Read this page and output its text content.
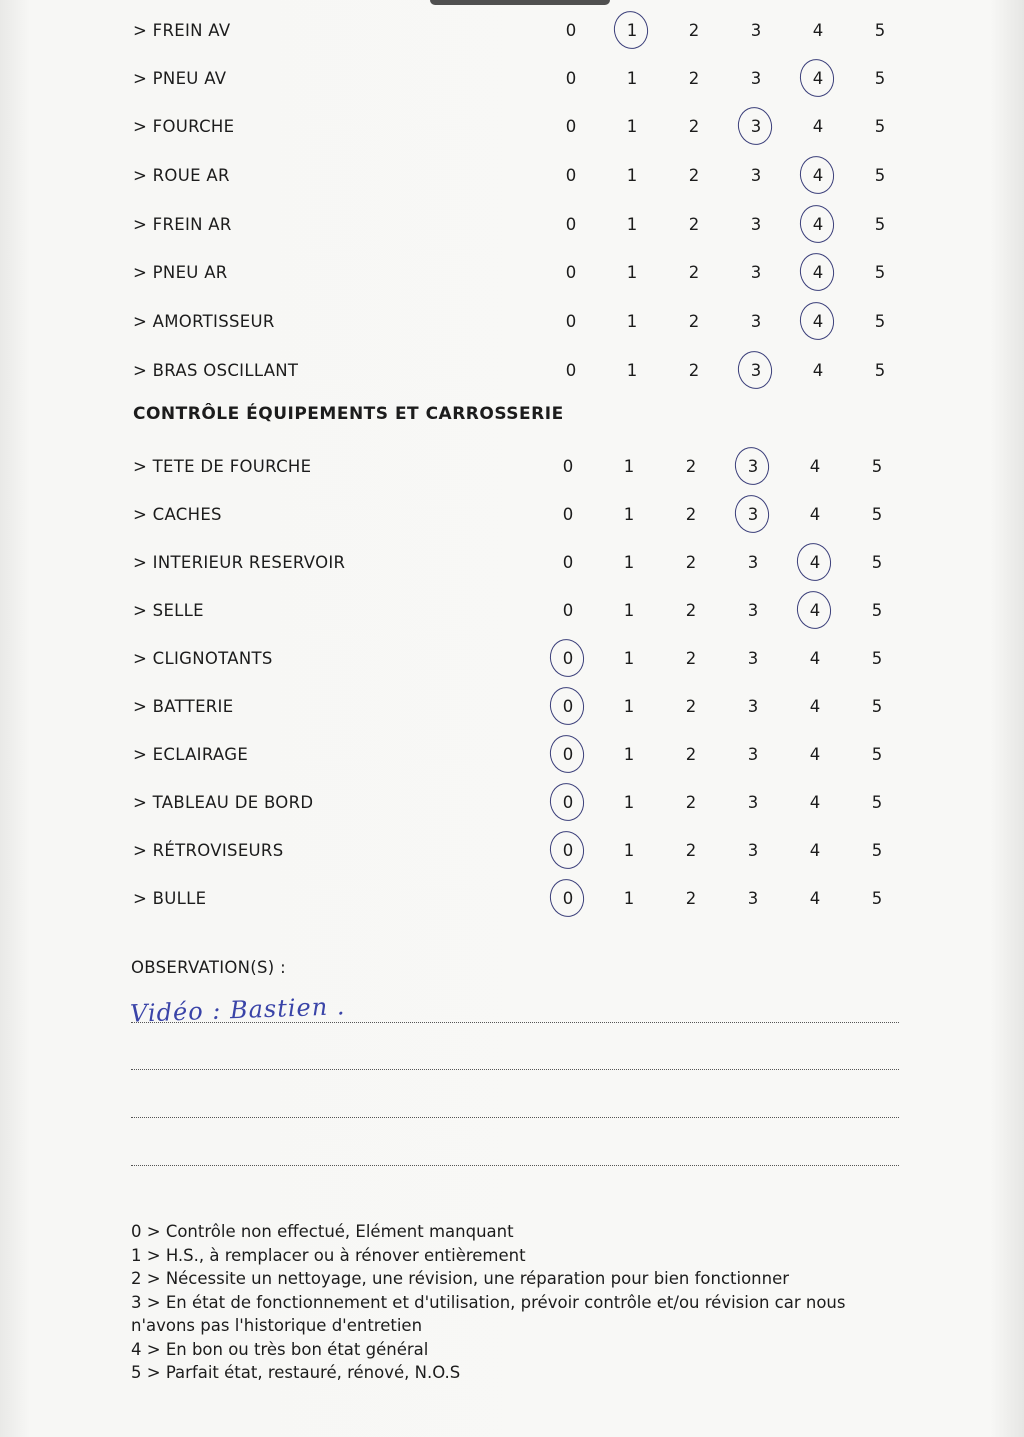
> FREIN AV	0	1	2	3	4	5
> PNEU AV	0	1	2	3	4	5
> FOURCHE	0	1	2	3	4	5
> ROUE AR	0	1	2	3	4	5
> FREIN AR	0	1	2	3	4	5
> PNEU AR	0	1	2	3	4	5
> AMORTISSEUR	0	1	2	3	4	5
> BRAS OSCILLANT	0	1	2	3	4	5
CONTRÔLE ÉQUIPEMENTS ET CARROSSERIE
> TETE DE FOURCHE	0	1	2	3	4	5
> CACHES	0	1	2	3	4	5
> INTERIEUR RESERVOIR	0	1	2	3	4	5
> SELLE	0	1	2	3	4	5
> CLIGNOTANTS	0	1	2	3	4	5
> BATTERIE	0	1	2	3	4	5
> ECLAIRAGE	0	1	2	3	4	5
> TABLEAU DE BORD	0	1	2	3	4	5
> RÉTROVISEURS	0	1	2	3	4	5
> BULLE	0	1	2	3	4	5
OBSERVATION(S) :
Vidéo : Bastien .

0 > Contrôle non effectué, Elément manquant

1 > H.S., à remplacer ou à rénover entièrement

2 > Nécessite un nettoyage, une révision, une réparation pour bien fonctionner

3 > En état de fonctionnement et d'utilisation, prévoir contrôle et/ou révision car nous n'avons pas l'historique d'entretien

4 > En bon ou très bon état général

5 > Parfait état, restauré, rénové, N.O.S
